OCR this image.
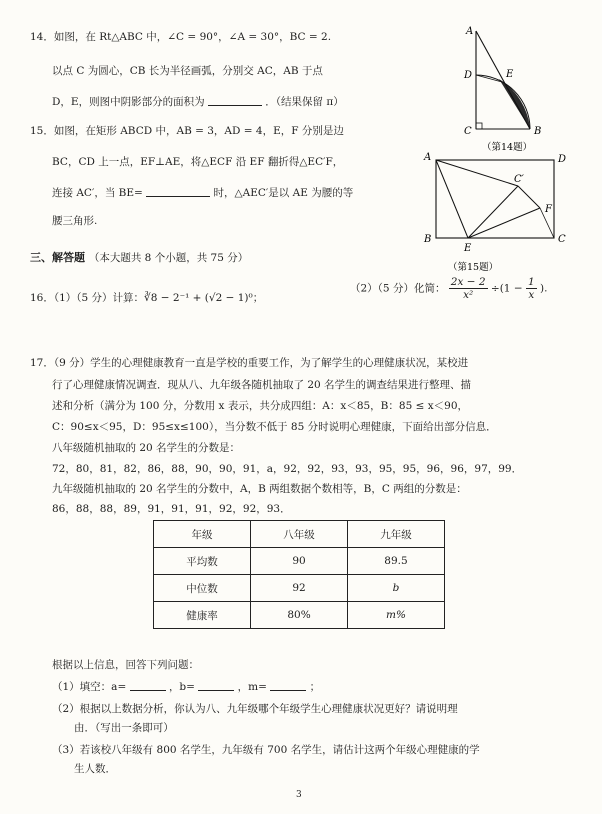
14．如图，在 Rt△ABC 中，∠C = 90°，∠A = 30°，BC = 2.
以点 C 为圆心，CB 长为半径画弧，分别交 AC，AB 于点
D，E，则图中阴影部分的面积为	．（结果保留 π）
A
D	E
C	B
（第14题）
15．如图，在矩形 ABCD 中，AB = 3，AD = 4，E，F 分别是边
BC，CD 上一点，EF⊥AE，将△ECF 沿 EF 翻折得△EC′F，
连接 AC′，当 BE=	时，△AEC′是以 AE 为腰的等
腰三角形.
A	D
C′
F
B
E
C
（第15题）
三、解答题 （本大题共 8 个小题，共 75 分）
16．（1）（5 分）计算：∛8 − 2⁻¹ + (√2 − 1)⁰；
（2）（5 分）化简： $\frac{2x - 2}{\text{x²}} \div(1 - \frac{1}{x}$ ).
17．（9 分）学生的心理健康教育一直是学校的重要工作，为了解学生的心理健康状况，某校进
行了心理健康情况调查．现从八、九年级各随机抽取了 20 名学生的调查结果进行整理、描
述和分析（满分为 100 分，分数用 x 表示，共分成四组：A：x＜85，B：85 ≤ x＜90，
C：90≤x＜95，D：95≤x≤100），当分数不低于 85 分时说明心理健康，下面给出部分信息．
八年级随机抽取的 20 名学生的分数是：
72，80，81，82，86，88，90，90，91，a，92，92，93，93，95，95，96，96，97，99．
九年级随机抽取的 20 名学生的分数中，A，B 两组数据个数相等，B，C 两组的分数是：
86，88，88，89，91，91，91，92，92，93．
年级	八年级	九年级
平均数	90	89.5
中位数	92	b
健康率	80%	m%
根据以上信息，回答下列问题：
（1）填空：a=	，b=	，m=	；
（2）根据以上数据分析，你认为八、九年级哪个年级学生心理健康状况更好？请说明理
由．（写出一条即可）
（3）若该校八年级有 800 名学生，九年级有 700 名学生，请估计这两个年级心理健康的学
生人数．
3
